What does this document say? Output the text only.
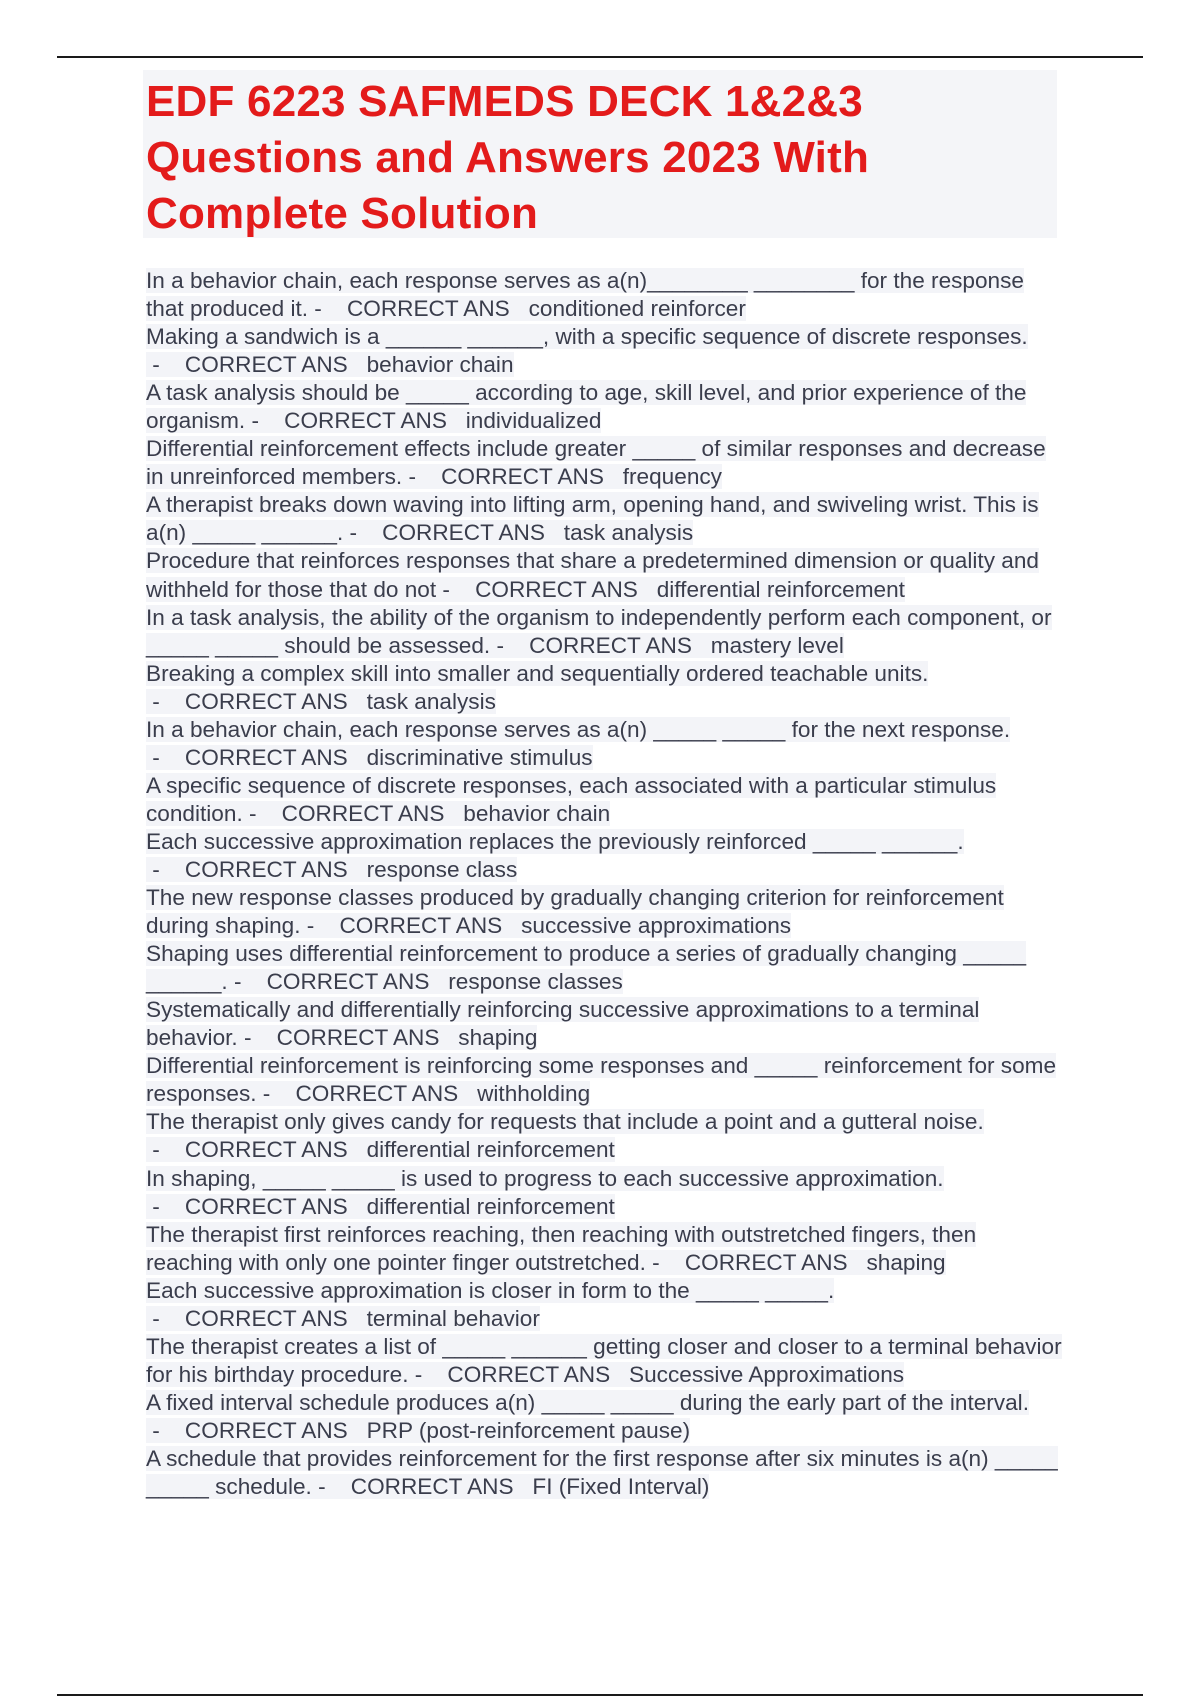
EDF 6223 SAFMEDS DECK 1&2&3 Questions and Answers 2023 With Complete Solution

In a behavior chain, each response serves as a(n)________ ________ for the response that produced it. - CORRECT ANS conditioned reinforcer

Making a sandwich is a ______ ______, with a specific sequence of discrete responses. - CORRECT ANS behavior chain

A task analysis should be _____ according to age, skill level, and prior experience of the organism. - CORRECT ANS individualized

Differential reinforcement effects include greater _____ of similar responses and decrease in unreinforced members. - CORRECT ANS frequency

A therapist breaks down waving into lifting arm, opening hand, and swiveling wrist. This is a(n) _____ ______. - CORRECT ANS task analysis

Procedure that reinforces responses that share a predetermined dimension or quality and withheld for those that do not - CORRECT ANS differential reinforcement

In a task analysis, the ability of the organism to independently perform each component, or _____ _____ should be assessed. - CORRECT ANS mastery level

Breaking a complex skill into smaller and sequentially ordered teachable units. - CORRECT ANS task analysis

In a behavior chain, each response serves as a(n) _____ _____ for the next response. - CORRECT ANS discriminative stimulus

A specific sequence of discrete responses, each associated with a particular stimulus condition. - CORRECT ANS behavior chain

Each successive approximation replaces the previously reinforced _____ ______. - CORRECT ANS response class

The new response classes produced by gradually changing criterion for reinforcement during shaping. - CORRECT ANS successive approximations

Shaping uses differential reinforcement to produce a series of gradually changing _____ ______. - CORRECT ANS response classes

Systematically and differentially reinforcing successive approximations to a terminal behavior. - CORRECT ANS shaping

Differential reinforcement is reinforcing some responses and _____ reinforcement for some responses. - CORRECT ANS withholding

The therapist only gives candy for requests that include a point and a gutteral noise. - CORRECT ANS differential reinforcement

In shaping, _____ _____ is used to progress to each successive approximation. - CORRECT ANS differential reinforcement

The therapist first reinforces reaching, then reaching with outstretched fingers, then reaching with only one pointer finger outstretched. - CORRECT ANS shaping

Each successive approximation is closer in form to the _____ _____. - CORRECT ANS terminal behavior

The therapist creates a list of _____ ______ getting closer and closer to a terminal behavior for his birthday procedure. - CORRECT ANS Successive Approximations

A fixed interval schedule produces a(n) _____ _____ during the early part of the interval. - CORRECT ANS PRP (post-reinforcement pause)

A schedule that provides reinforcement for the first response after six minutes is a(n) _____ _____ schedule. - CORRECT ANS FI (Fixed Interval)
